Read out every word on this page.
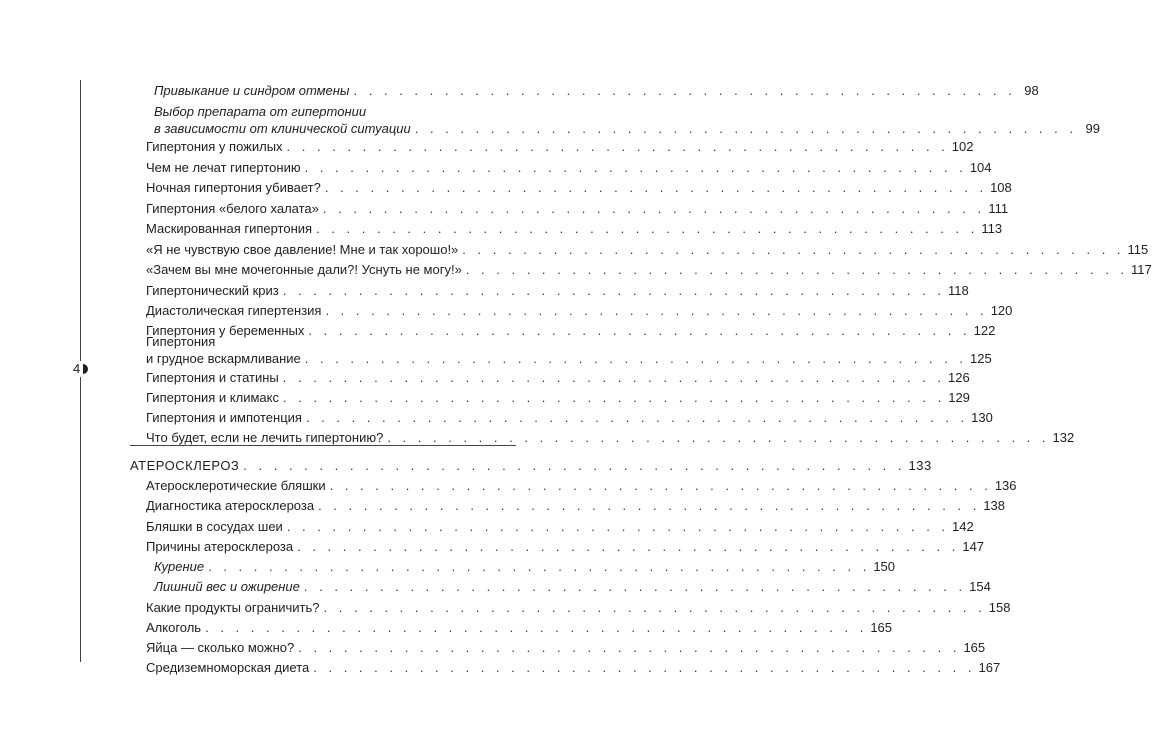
4
Привыкание и синдром отмены . . . . . . . . . . . . . . . . . . . . . . . . . . . . . . . . . . . . . . . . . . . . 98
Выбор препарата от гипертонии
в зависимости от клинической ситуации . . . . . . . . . . . . . . . . . . . . . . . . . . . . . . . . . . . . . . . . . . . . 99
Гипертония у пожилых . . . . . . . . . . . . . . . . . . . . . . . . . . . . . . . . . . . . . . . . . . . . 102
Чем не лечат гипертонию . . . . . . . . . . . . . . . . . . . . . . . . . . . . . . . . . . . . . . . . . . . . 104
Ночная гипертония убивает? . . . . . . . . . . . . . . . . . . . . . . . . . . . . . . . . . . . . . . . . . . . . 108
Гипертония «белого халата» . . . . . . . . . . . . . . . . . . . . . . . . . . . . . . . . . . . . . . . . . . . . 111
Маскированная гипертония . . . . . . . . . . . . . . . . . . . . . . . . . . . . . . . . . . . . . . . . . . . . 113
«Я не чувствую свое давление! Мне и так хорошо!» . . . . . . . . . . . . . . . . . . . . . . . . . . . . . . . . . . . . . . . . . . . . 115
«Зачем вы мне мочегонные дали?! Уснуть не могу!» . . . . . . . . . . . . . . . . . . . . . . . . . . . . . . . . . . . . . . . . . . . . 117
Гипертонический криз . . . . . . . . . . . . . . . . . . . . . . . . . . . . . . . . . . . . . . . . . . . . 118
Диастолическая гипертензия . . . . . . . . . . . . . . . . . . . . . . . . . . . . . . . . . . . . . . . . . . . . 120
Гипертония у беременных . . . . . . . . . . . . . . . . . . . . . . . . . . . . . . . . . . . . . . . . . . . . 122
Гипертония
и грудное вскармливание . . . . . . . . . . . . . . . . . . . . . . . . . . . . . . . . . . . . . . . . . . . . 125
Гипертония и статины . . . . . . . . . . . . . . . . . . . . . . . . . . . . . . . . . . . . . . . . . . . . 126
Гипертония и климакс . . . . . . . . . . . . . . . . . . . . . . . . . . . . . . . . . . . . . . . . . . . . 129
Гипертония и импотенция . . . . . . . . . . . . . . . . . . . . . . . . . . . . . . . . . . . . . . . . . . . . 130
Что будет, если не лечить гипертонию? . . . . . . . . . . . . . . . . . . . . . . . . . . . . . . . . . . . . . . . . . . . . 132
АТЕРОСКЛЕРОЗ . . . . . . . . . . . . . . . . . . . . . . . . . . . . . . . . . . . . . . . . . . . . 133
Атеросклеротические бляшки . . . . . . . . . . . . . . . . . . . . . . . . . . . . . . . . . . . . . . . . . . . . 136
Диагностика атеросклероза . . . . . . . . . . . . . . . . . . . . . . . . . . . . . . . . . . . . . . . . . . . . 138
Бляшки в сосудах шеи . . . . . . . . . . . . . . . . . . . . . . . . . . . . . . . . . . . . . . . . . . . . 142
Причины атеросклероза . . . . . . . . . . . . . . . . . . . . . . . . . . . . . . . . . . . . . . . . . . . . 147
Курение . . . . . . . . . . . . . . . . . . . . . . . . . . . . . . . . . . . . . . . . . . . . 150
Лишний вес и ожирение . . . . . . . . . . . . . . . . . . . . . . . . . . . . . . . . . . . . . . . . . . . . 154
Какие продукты ограничить? . . . . . . . . . . . . . . . . . . . . . . . . . . . . . . . . . . . . . . . . . . . . 158
Алкоголь . . . . . . . . . . . . . . . . . . . . . . . . . . . . . . . . . . . . . . . . . . . . 165
Яйца — сколько можно? . . . . . . . . . . . . . . . . . . . . . . . . . . . . . . . . . . . . . . . . . . . . 165
Средиземноморская диета . . . . . . . . . . . . . . . . . . . . . . . . . . . . . . . . . . . . . . . . . . . . 167
